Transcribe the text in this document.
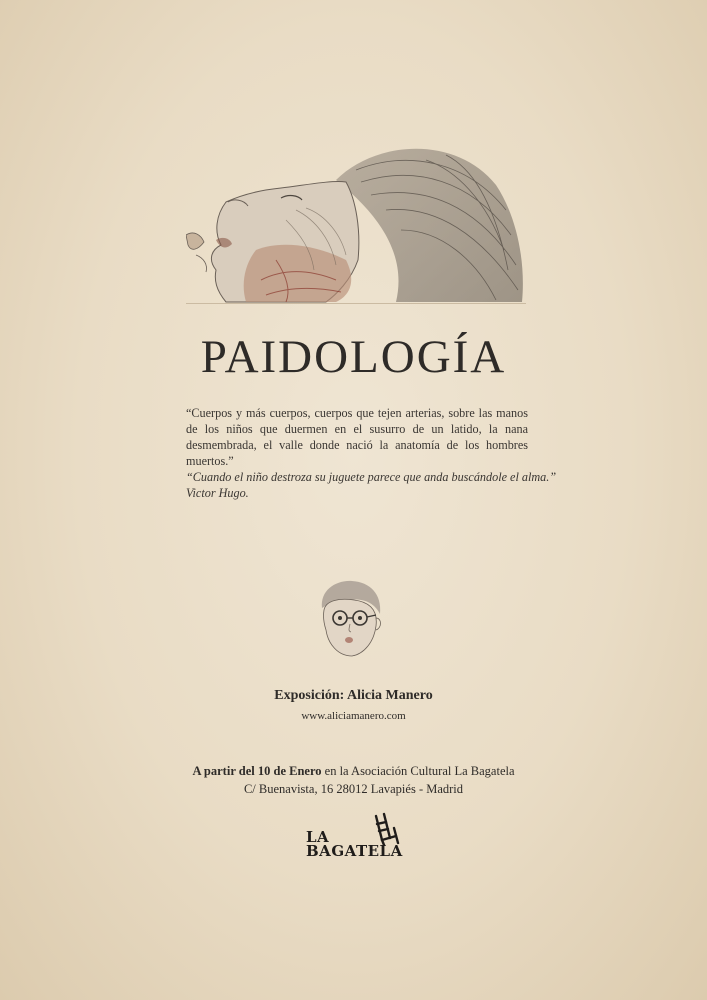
PAIDOLOGÍA
“Cuerpos y más cuerpos, cuerpos que tejen arterias, sobre las manos de los niños que duermen en el susurro de un latido, la nana desmembrada, el valle donde nació la anatomía de los hombres muertos.”
“Cuando el niño destroza su juguete parece que anda buscándole el alma.”
Victor Hugo.
Exposición: Alicia Manero
www.aliciamanero.com
A partir del 10 de Enero en la Asociación Cultural La Bagatela
C/ Buenavista, 16 28012 Lavapiés - Madrid
LA
BAGATELA
